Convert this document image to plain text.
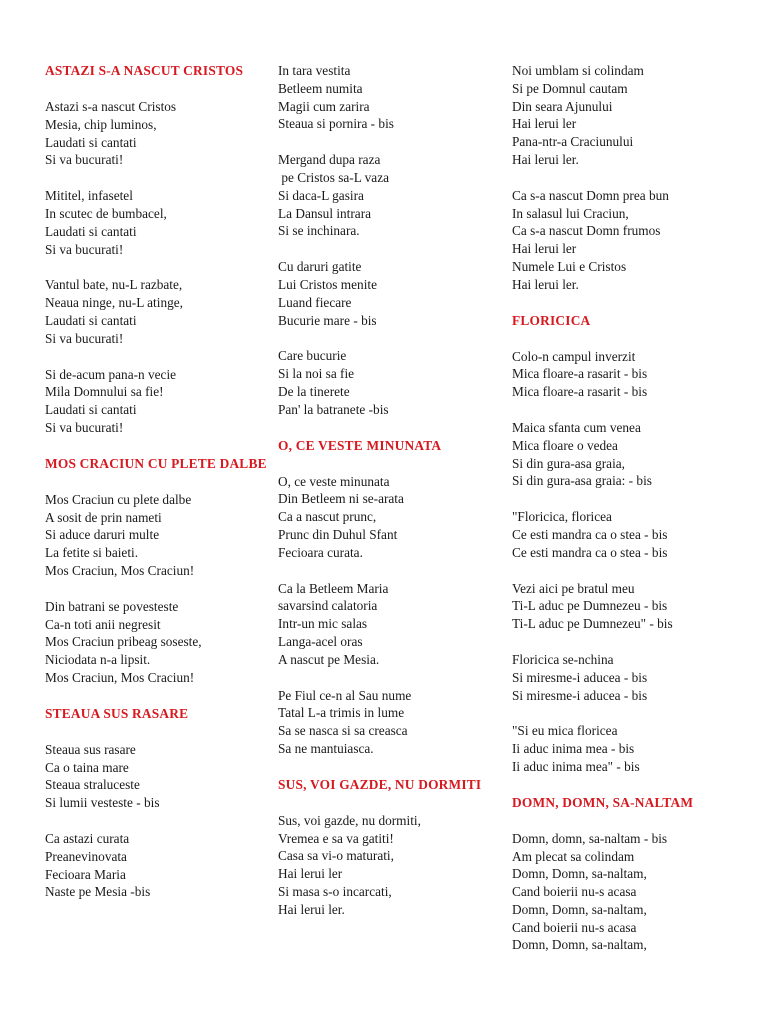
ASTAZI S-A NASCUT CRISTOS
Astazi s-a nascut Cristos
Mesia, chip luminos,
Laudati si cantati
Si va bucurati!
Mititel, infasetel
In scutec de bumbacel,
Laudati si cantati
Si va bucurati!
Vantul bate, nu-L razbate,
Neaua ninge, nu-L atinge,
Laudati si cantati
Si va bucurati!
Si de-acum pana-n vecie
Mila Domnului sa fie!
Laudati si cantati
Si va bucurati!
MOS CRACIUN CU PLETE DALBE
Mos Craciun cu plete dalbe
A sosit de prin nameti
Si aduce daruri multe
La fetite si baieti.
Mos Craciun, Mos Craciun!
Din batrani se povesteste
Ca-n toti anii negresit
Mos Craciun pribeag soseste,
Niciodata n-a lipsit.
Mos Craciun, Mos Craciun!
STEAUA SUS RASARE
Steaua sus rasare
Ca o taina mare
Steaua straluceste
Si lumii vesteste - bis
Ca astazi curata
Preanevinovata
Fecioara Maria
Naste pe Mesia -bis
In tara vestita
Betleem numita
Magii cum zarira
Steaua si pornira - bis
Mergand dupa raza
pe Cristos sa-L vaza
Si daca-L gasira
La Dansul intrara
Si se inchinara.
Cu daruri gatite
Lui Cristos menite
Luand fiecare
Bucurie mare - bis
Care bucurie
Si la noi sa fie
De la tinerete
Pan' la batranete -bis
O, CE VESTE MINUNATA
O, ce veste minunata
Din Betleem ni se-arata
Ca a nascut prunc,
Prunc din Duhul Sfant
Fecioara curata.
Ca la Betleem Maria
savarsind calatoria
Intr-un mic salas
Langa-acel oras
A nascut pe Mesia.
Pe Fiul ce-n al Sau nume
Tatal L-a trimis in lume
Sa se nasca si sa creasca
Sa ne mantuiasca.
SUS, VOI GAZDE, NU DORMITI
Sus, voi gazde, nu dormiti,
Vremea e sa va gatiti!
Casa sa vi-o maturati,
Hai lerui ler
Si masa s-o incarcati,
Hai lerui ler.
Noi umblam si colindam
Si pe Domnul cautam
Din seara Ajunului
Hai lerui ler
Pana-ntr-a Craciunului
Hai lerui ler.
Ca s-a nascut Domn prea bun
In salasul lui Craciun,
Ca s-a nascut Domn frumos
Hai lerui ler
Numele Lui e Cristos
Hai lerui ler.
FLORICICA
Colo-n campul inverzit
Mica floare-a rasarit - bis
Mica floare-a rasarit - bis
Maica sfanta cum venea
Mica floare o vedea
Si din gura-asa graia,
Si din gura-asa graia: - bis
"Floricica, floricea
Ce esti mandra ca o stea - bis
Ce esti mandra ca o stea - bis
Vezi aici pe bratul meu
Ti-L aduc pe Dumnezeu - bis
Ti-L aduc pe Dumnezeu" - bis
Floricica se-nchina
Si miresme-i aducea - bis
Si miresme-i aducea - bis
"Si eu mica floricea
Ii aduc inima mea - bis
Ii aduc inima mea" - bis
DOMN, DOMN, SA-NALTAM
Domn, domn, sa-naltam - bis
Am plecat sa colindam
Domn, Domn, sa-naltam,
Cand boierii nu-s acasa
Domn, Domn, sa-naltam,
Cand boierii nu-s acasa
Domn, Domn, sa-naltam,
